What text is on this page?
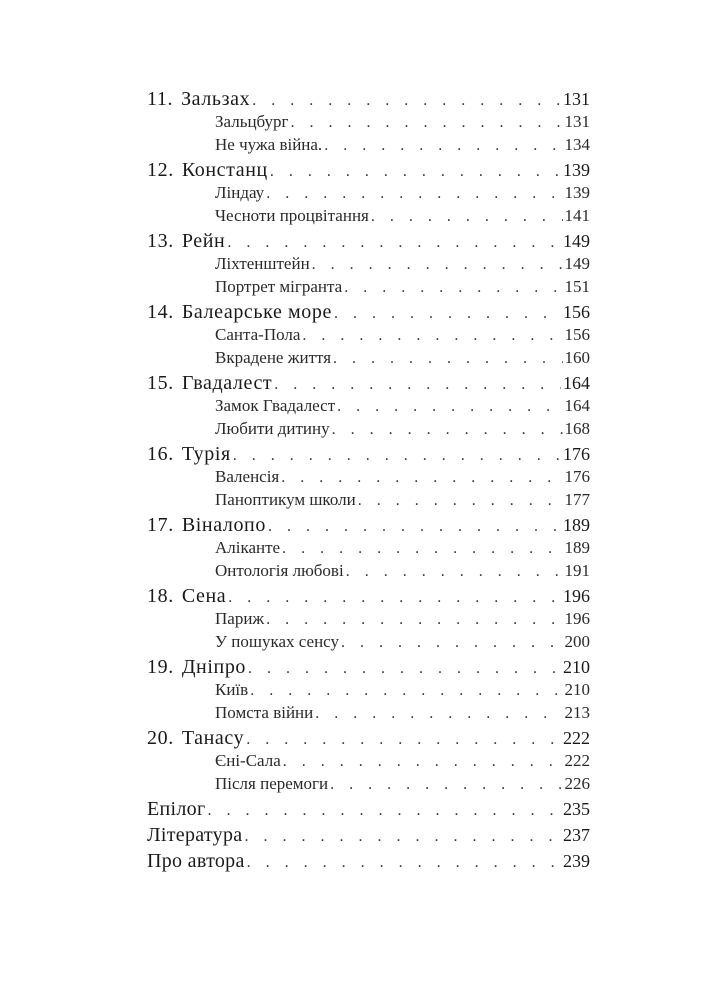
11. Зальзах . . .	131
Зальцбург . . .	131
Не чужа війна. . . .	134
12. Констанц . . .	139
Ліндау . . .	139
Чесноти процвітання . . .	141
13. Рейн . . .	149
Ліхтенштейн . . .	149
Портрет мігранта . . .	151
14. Балеарське море . . .	156
Санта-Пола . . .	156
Вкрадене життя . . .	160
15. Гвадалест . . .	164
Замок Гвадалест . . .	164
Любити дитину . . .	168
16. Турія . . .	176
Валенсія . . .	176
Паноптикум школи . . .	177
17. Віналопо . . .	189
Аліканте . . .	189
Онтологія любові . . .	191
18. Сена . . .	196
Париж . . .	196
У пошуках сенсу . . .	200
19. Дніпро . . .	210
Київ . . .	210
Помста війни . . .	213
20. Танасу . . .	222
Єні-Сала . . .	222
Після перемоги . . .	226
Епілог . . .	235
Література . . .	237
Про автора . . .	239
